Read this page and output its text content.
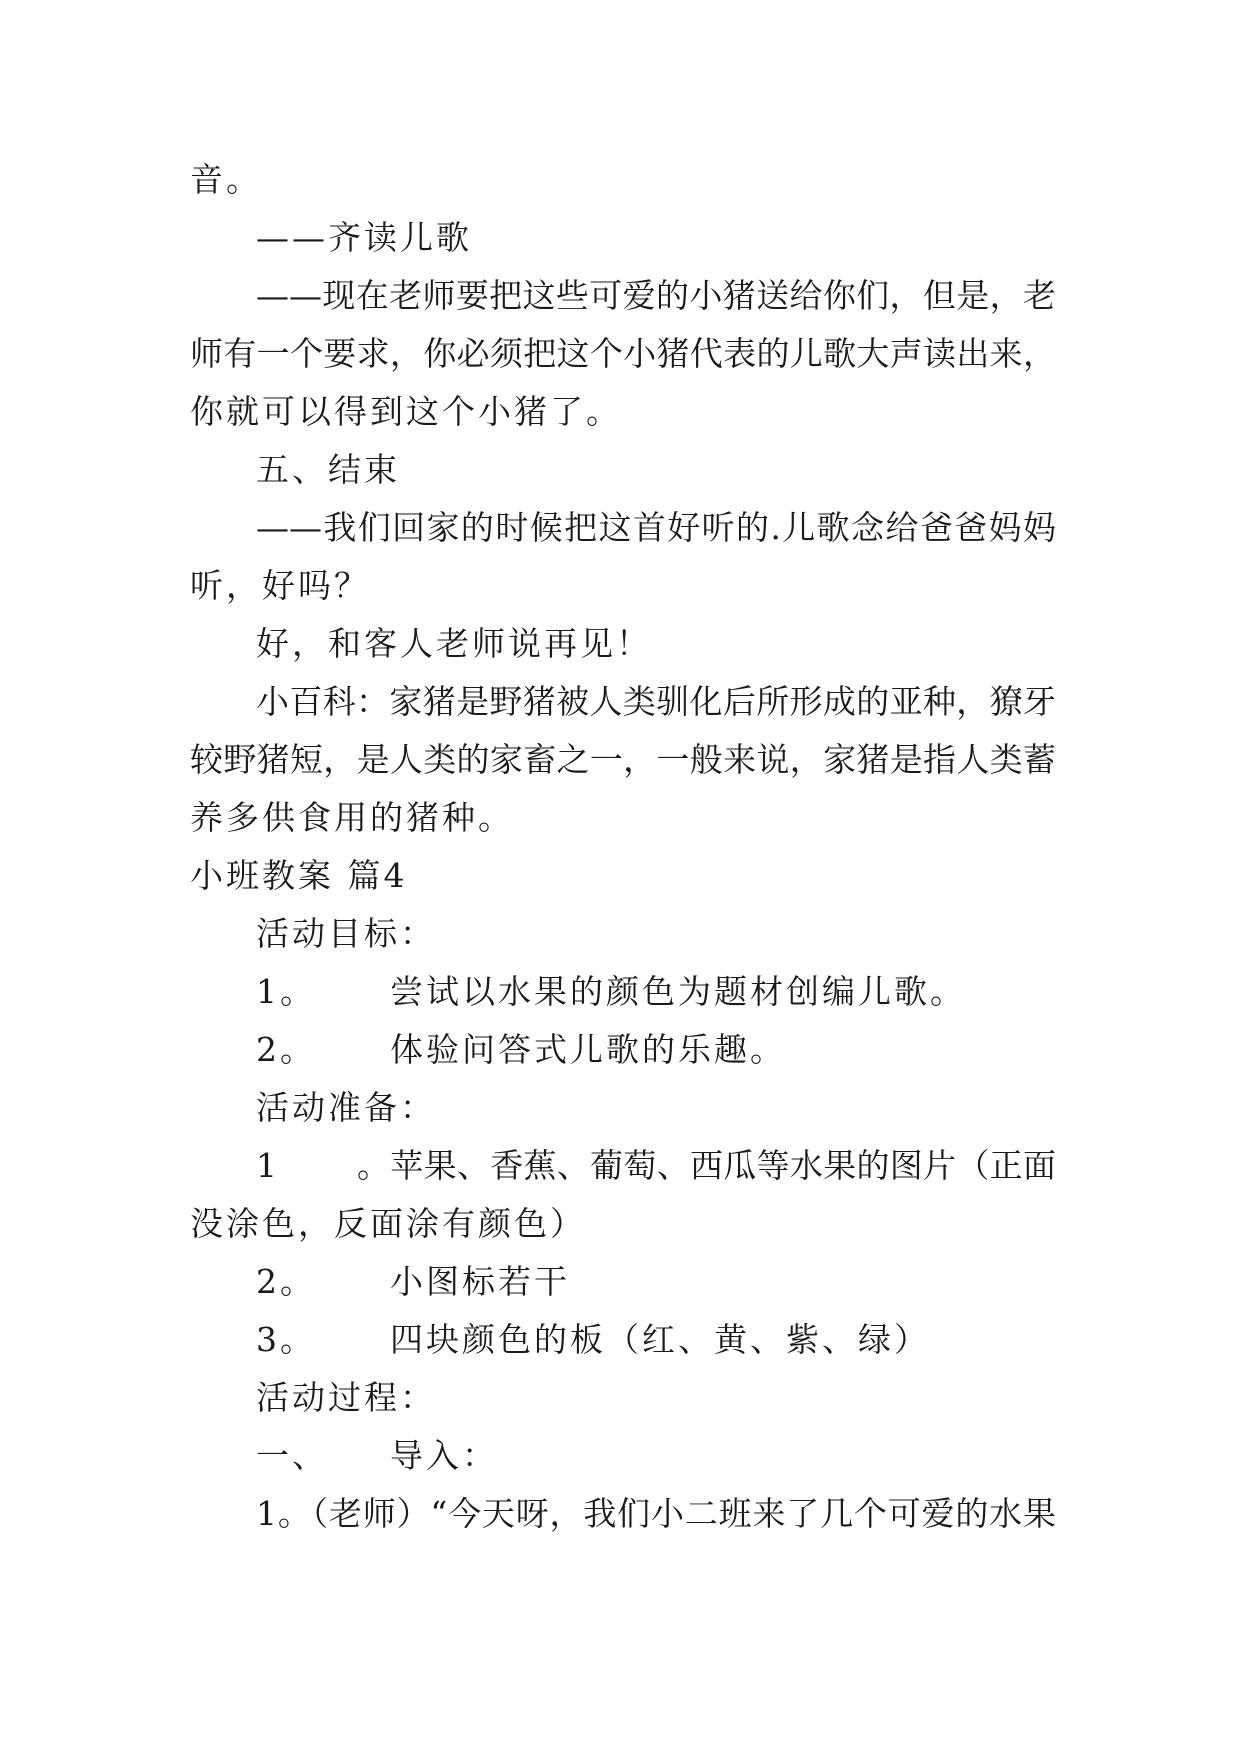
音。
——齐读儿歌
——现在老师要把这些可爱的小猪送给你们，但是，老
师有一个要求，你必须把这个小猪代表的儿歌大声读出来，
你就可以得到这个小猪了。
五、结束
——我们回家的时候把这首好听的.儿歌念给爸爸妈妈
听，好吗？
好，和客人老师说再见！
小百科：家猪是野猪被人类驯化后所形成的亚种，獠牙
较野猪短，是人类的家畜之一，一般来说，家猪是指人类蓄
养多供食用的猪种。
小班教案 篇4
活动目标：
1。 尝试以水果的颜色为题材创编儿歌。
2。 体验问答式儿歌的乐趣。
活动准备：
1。苹果、香蕉、葡萄、西瓜等水果的图片（正面
没涂色，反面涂有颜色）
2。 小图标若干
3。 四块颜色的板（红、黄、紫、绿）
活动过程：
一、 导入：
1。（老师）“今天呀，我们小二班来了几个可爱的水果
